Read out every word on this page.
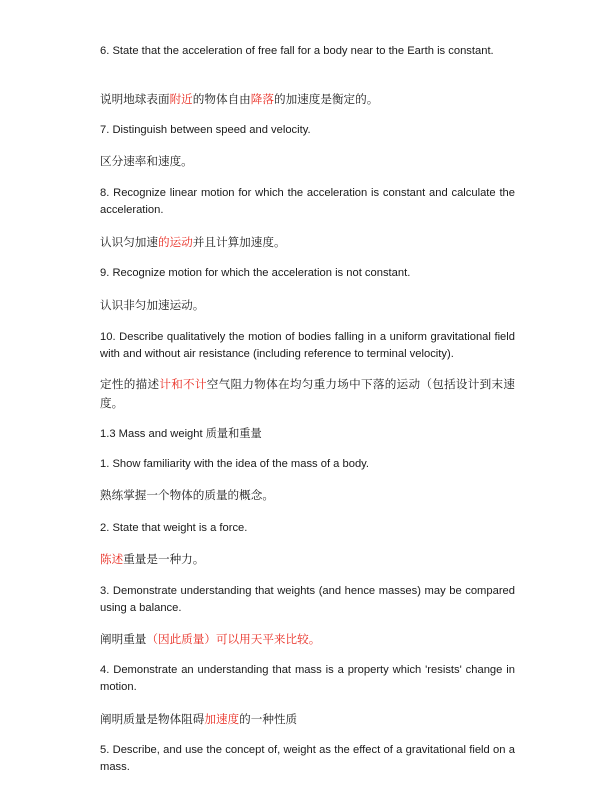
6. State that the acceleration of free fall for a body near to the Earth is constant.
说明地球表面附近的物体自由降落的加速度是衡定的。
7. Distinguish between speed and velocity.
区分速率和速度。
8. Recognize linear motion for which the acceleration is constant and calculate the acceleration.
认识匀加速的运动并且计算加速度。
9. Recognize motion for which the acceleration is not constant.
认识非匀加速运动。
10. Describe qualitatively the motion of bodies falling in a uniform gravitational field with and without air resistance (including reference to terminal velocity).
定性的描述计和不计空气阻力物体在均匀重力场中下落的运动（包括设计到末速度。
1.3 Mass and weight 质量和重量
1. Show familiarity with the idea of the mass of a body.
熟练掌握一个物体的质量的概念。
2. State that weight is a force.
陈述重量是一种力。
3. Demonstrate understanding that weights (and hence masses) may be compared using a balance.
阐明重量（因此质量）可以用天平来比较。
4. Demonstrate an understanding that mass is a property which 'resists' change in motion.
阐明质量是物体阻碍加速度的一种性质
5. Describe, and use the concept of, weight as the effect of a gravitational field on a mass.
